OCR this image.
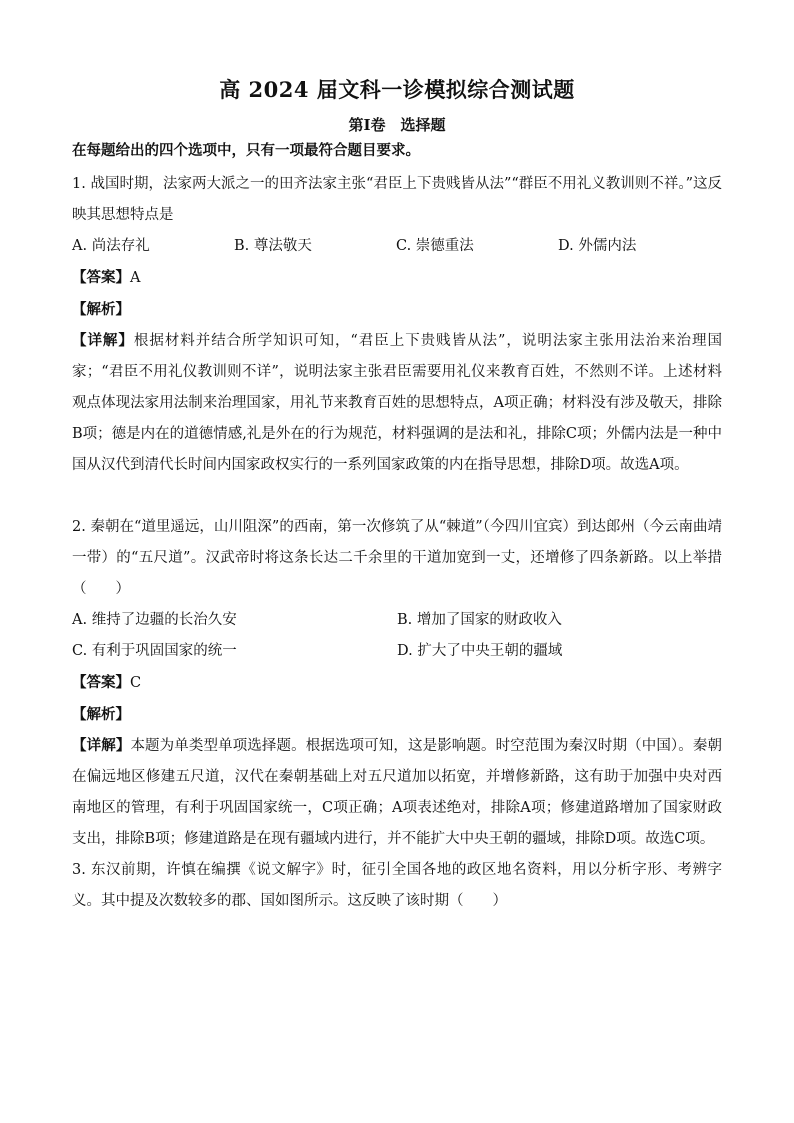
高 2024 届文科一诊模拟综合测试题
第Ⅰ卷　选择题
在每题给出的四个选项中，只有一项最符合题目要求。

1. 战国时期，法家两大派之一的田齐法家主张“君臣上下贵贱皆从法”“群臣不用礼义教训则不祥。”这反映其思想特点是

A. 尚法存礼	B. 尊法敬天	C. 崇德重法	D. 外儒内法

【答案】A

【解析】

【详解】根据材料并结合所学知识可知，“君臣上下贵贱皆从法”，说明法家主张用法治来治理国家；“君臣不用礼仪教训则不详”，说明法家主张君臣需要用礼仪来教育百姓，不然则不详。上述材料观点体现法家用法制来治理国家，用礼节来教育百姓的思想特点，A项正确；材料没有涉及敬天，排除B项；德是内在的道德情感,礼是外在的行为规范，材料强调的是法和礼，排除C项；外儒内法是一种中国从汉代到清代长时间内国家政权实行的一系列国家政策的内在指导思想，排除D项。故选A项。

2. 秦朝在“道里遥远，山川阻深”的西南，第一次修筑了从“棘道”（今四川宜宾）到达郎州（今云南曲靖一带）的“五尺道”。汉武帝时将这条长达二千余里的干道加宽到一丈，还增修了四条新路。以上举措（　　）

A. 维持了边疆的长治久安	B. 增加了国家的财政收入
C. 有利于巩固国家的统一	D. 扩大了中央王朝的疆域

【答案】C

【解析】

【详解】本题为单类型单项选择题。根据选项可知，这是影响题。时空范围为秦汉时期（中国）。秦朝在偏远地区修建五尺道，汉代在秦朝基础上对五尺道加以拓宽，并增修新路，这有助于加强中央对西南地区的管理，有利于巩固国家统一，C项正确；A项表述绝对，排除A项；修建道路增加了国家财政支出，排除B项；修建道路是在现有疆域内进行，并不能扩大中央王朝的疆域，排除D项。故选C项。

3. 东汉前期，许慎在编撰《说文解字》时，征引全国各地的政区地名资料，用以分析字形、考辨字义。其中提及次数较多的郡、国如图所示。这反映了该时期（　　）
